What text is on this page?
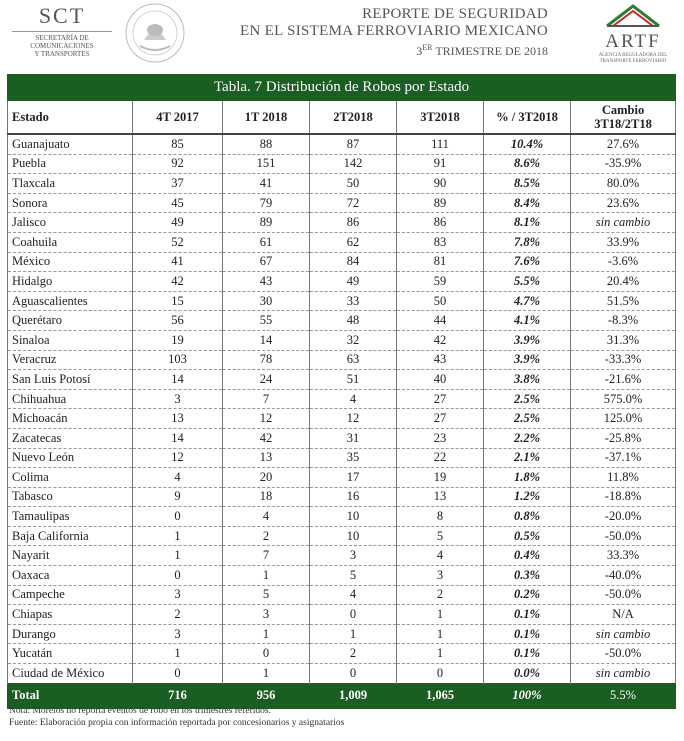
SCT
SECRETARÍA DE
COMUNICACIONES
Y TRANSPORTES
REPORTE DE SEGURIDAD
EN EL SISTEMA FERROVIARIO MEXICANO
3ER TRIMESTRE DE 2018	ARTF
AGENCIA REGULADORA DEL
TRANSPORTE FERROVIARIO
Tabla. 7 Distribución de Robos por Estado						
Estado	4T 2017	1T 2018	2T2018	3T2018	% / 3T2018	Cambio 3T18/2T18
Guanajuato	85	88	87	111	10.4%	27.6%
Puebla	92	151	142	91	8.6%	-35.9%
Tlaxcala	37	41	50	90	8.5%	80.0%
Sonora	45	79	72	89	8.4%	23.6%
Jalisco	49	89	86	86	8.1%	sin cambio
Coahuila	52	61	62	83	7.8%	33.9%
México	41	67	84	81	7.6%	-3.6%
Hidalgo	42	43	49	59	5.5%	20.4%
Aguascalientes	15	30	33	50	4.7%	51.5%
Querétaro	56	55	48	44	4.1%	-8.3%
Sinaloa	19	14	32	42	3.9%	31.3%
Veracruz	103	78	63	43	3.9%	-33.3%
San Luis Potosí	14	24	51	40	3.8%	-21.6%
Chihuahua	3	7	4	27	2.5%	575.0%
Michoacán	13	12	12	27	2.5%	125.0%
Zacatecas	14	42	31	23	2.2%	-25.8%
Nuevo León	12	13	35	22	2.1%	-37.1%
Colima	4	20	17	19	1.8%	11.8%
Tabasco	9	18	16	13	1.2%	-18.8%
Tamaulipas	0	4	10	8	0.8%	-20.0%
Baja California	1	2	10	5	0.5%	-50.0%
Nayarit	1	7	3	4	0.4%	33.3%
Oaxaca	0	1	5	3	0.3%	-40.0%
Campeche	3	5	4	2	0.2%	-50.0%
Chiapas	2	3	0	1	0.1%	N/A
Durango	3	1	1	1	0.1%	sin cambio
Yucatán	1	0	2	1	0.1%	-50.0%
Ciudad de México	0	1	0	0	0.0%	sin cambio
Total	716	956	1,009	1,065	100%	5.5%
Nota: Morelos no reporta eventos de robo en los trimestres referidos.
Fuente: Elaboración propia con información reportada por concesionarios y asignatarios
